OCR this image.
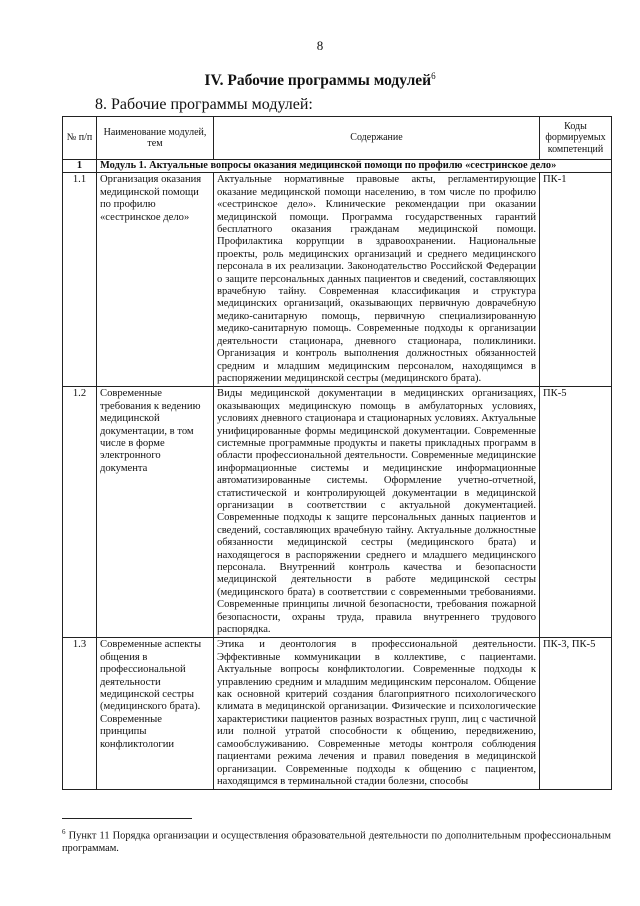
8
IV. Рабочие программы модулей$^6$
8. Рабочие программы модулей:
№ п/п	Наименование модулей, тем	Содержание	Коды формируемых компетенций
1	Модуль 1. Актуальные вопросы оказания медицинской помощи по профилю «сестринское дело»		
1.1	Организация оказания медицинской помощи по профилю «сестринское дело»	Актуальные нормативные правовые акты, регламентирующие оказание медицинской помощи населению, в том числе по профилю «сестринское дело». Клинические рекомендации при оказании медицинской помощи. Программа государственных гарантий бесплатного оказания гражданам медицинской помощи. Профилактика коррупции в здравоохранении. Национальные проекты, роль медицинских организаций и среднего медицинского персонала в их реализации. Законодательство Российской Федерации о защите персональных данных пациентов и сведений, составляющих врачебную тайну. Современная классификация и структура медицинских организаций, оказывающих первичную доврачебную медико-санитарную помощь, первичную специализированную медико-санитарную помощь. Современные подходы к организации деятельности стационара, дневного стационара, поликлиники. Организация и контроль выполнения должностных обязанностей средним и младшим медицинским персоналом, находящимся в распоряжении медицинской сестры (медицинского брата).	ПК-1
1.2	Современные требования к ведению медицинской документации, в том числе в форме электронного документа	Виды медицинской документации в медицинских организациях, оказывающих медицинскую помощь в амбулаторных условиях, условиях дневного стационара и стационарных условиях. Актуальные унифицированные формы медицинской документации. Современные системные программные продукты и пакеты прикладных программ в области профессиональной деятельности. Современные медицинские информационные системы и медицинские информационные автоматизированные системы. Оформление учетно-отчетной, статистической и контролирующей документации в медицинской организации в соответствии с актуальной документацией. Современные подходы к защите персональных данных пациентов и сведений, составляющих врачебную тайну. Актуальные должностные обязанности медицинской сестры (медицинского брата) и находящегося в распоряжении среднего и младшего медицинского персонала. Внутренний контроль качества и безопасности медицинской деятельности в работе медицинской сестры (медицинского брата) в соответствии с современными требованиями. Современные принципы личной безопасности, требования пожарной безопасности, охраны труда, правила внутреннего трудового распорядка.	ПК-5
1.3	Современные аспекты общения в профессиональной деятельности медицинской сестры (медицинского брата). Современные принципы конфликтологии	Этика и деонтология в профессиональной деятельности. Эффективные коммуникации в коллективе, с пациентами. Актуальные вопросы конфликтологии. Современные подходы к управлению средним и младшим медицинским персоналом. Общение как основной критерий создания благоприятного психологического климата в медицинской организации. Физические и психологические характеристики пациентов разных возрастных групп, лиц с частичной или полной утратой способности к общению, передвижению, самообслуживанию. Современные методы контроля соблюдения пациентами режима лечения и правил поведения в медицинской организации. Современные подходы к общению с пациентом, находящимся в терминальной стадии болезни, способы	ПК-3, ПК-5
$^6$ Пункт 11 Порядка организации и осуществления образовательной деятельности по дополнительным профессиональным программам.
